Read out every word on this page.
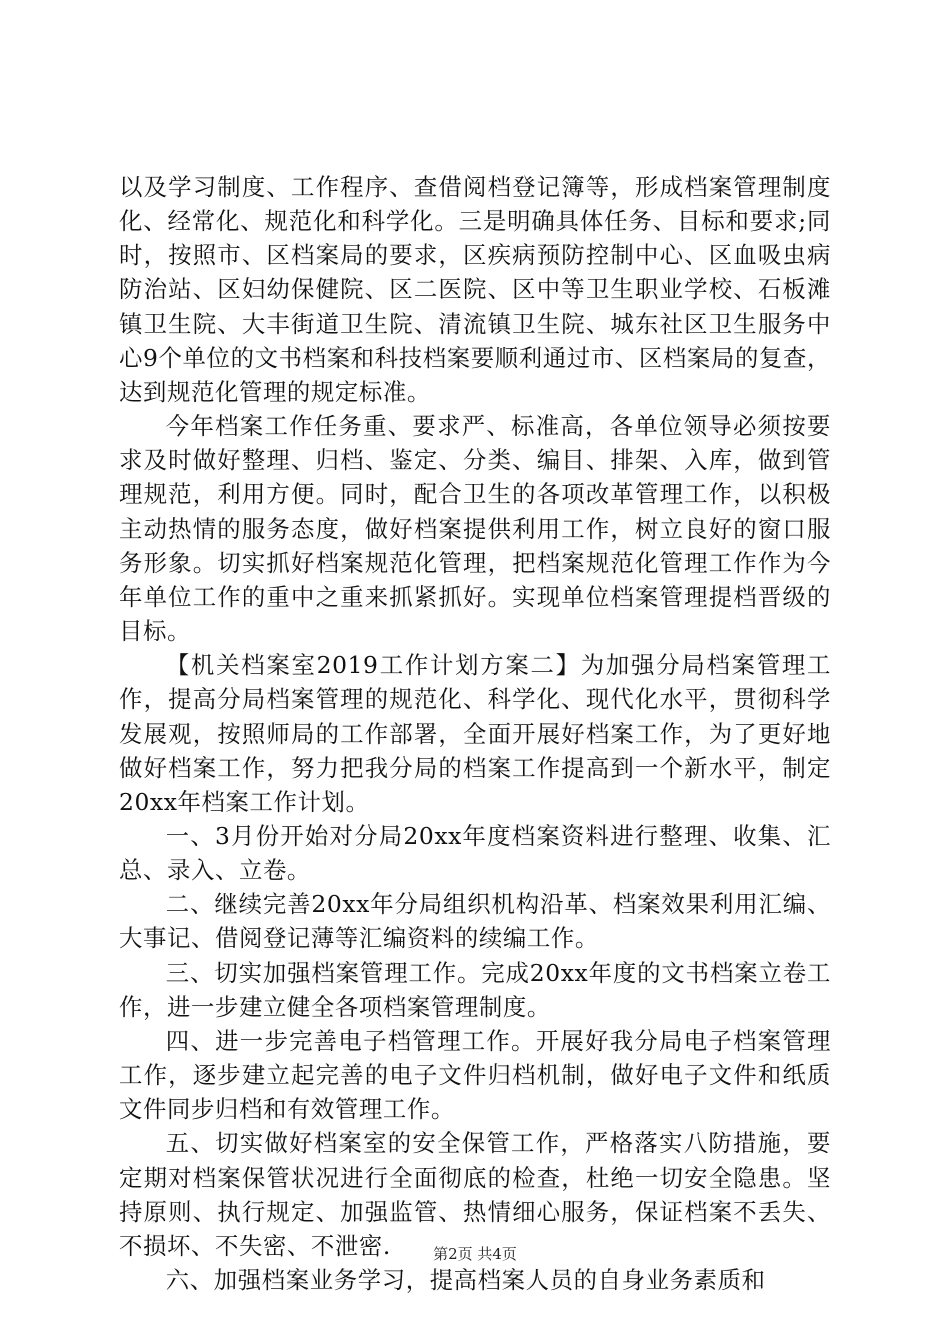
以及学习制度、工作程序、查借阅档登记簿等，形成档案管理制度化、经常化、规范化和科学化。三是明确具体任务、目标和要求;同时，按照市、区档案局的要求，区疾病预防控制中心、区血吸虫病防治站、区妇幼保健院、区二医院、区中等卫生职业学校、石板滩镇卫生院、大丰街道卫生院、清流镇卫生院、城东社区卫生服务中心9个单位的文书档案和科技档案要顺利通过市、区档案局的复查，达到规范化管理的规定标准。

今年档案工作任务重、要求严、标准高，各单位领导必须按要求及时做好整理、归档、鉴定、分类、编目、排架、入库，做到管理规范，利用方便。同时，配合卫生的各项改革管理工作，以积极主动热情的服务态度，做好档案提供利用工作，树立良好的窗口服务形象。切实抓好档案规范化管理，把档案规范化管理工作作为今年单位工作的重中之重来抓紧抓好。实现单位档案管理提档晋级的目标。

【机关档案室2019工作计划方案二】为加强分局档案管理工作，提高分局档案管理的规范化、科学化、现代化水平，贯彻科学发展观，按照师局的工作部署，全面开展好档案工作，为了更好地做好档案工作，努力把我分局的档案工作提高到一个新水平，制定20xx年档案工作计划。

一、3月份开始对分局20xx年度档案资料进行整理、收集、汇总、录入、立卷。

二、继续完善20xx年分局组织机构沿革、档案效果利用汇编、大事记、借阅登记薄等汇编资料的续编工作。

三、切实加强档案管理工作。完成20xx年度的文书档案立卷工作，进一步建立健全各项档案管理制度。

四、进一步完善电子档管理工作。开展好我分局电子档案管理工作，逐步建立起完善的电子文件归档机制，做好电子文件和纸质文件同步归档和有效管理工作。

五、切实做好档案室的安全保管工作，严格落实八防措施，要定期对档案保管状况进行全面彻底的检查，杜绝一切安全隐患。坚持原则、执行规定、加强监管、热情细心服务，保证档案不丢失、不损坏、不失密、不泄密.

六、加强档案业务学习，提高档案人员的自身业务素质和

第2页 共4页
